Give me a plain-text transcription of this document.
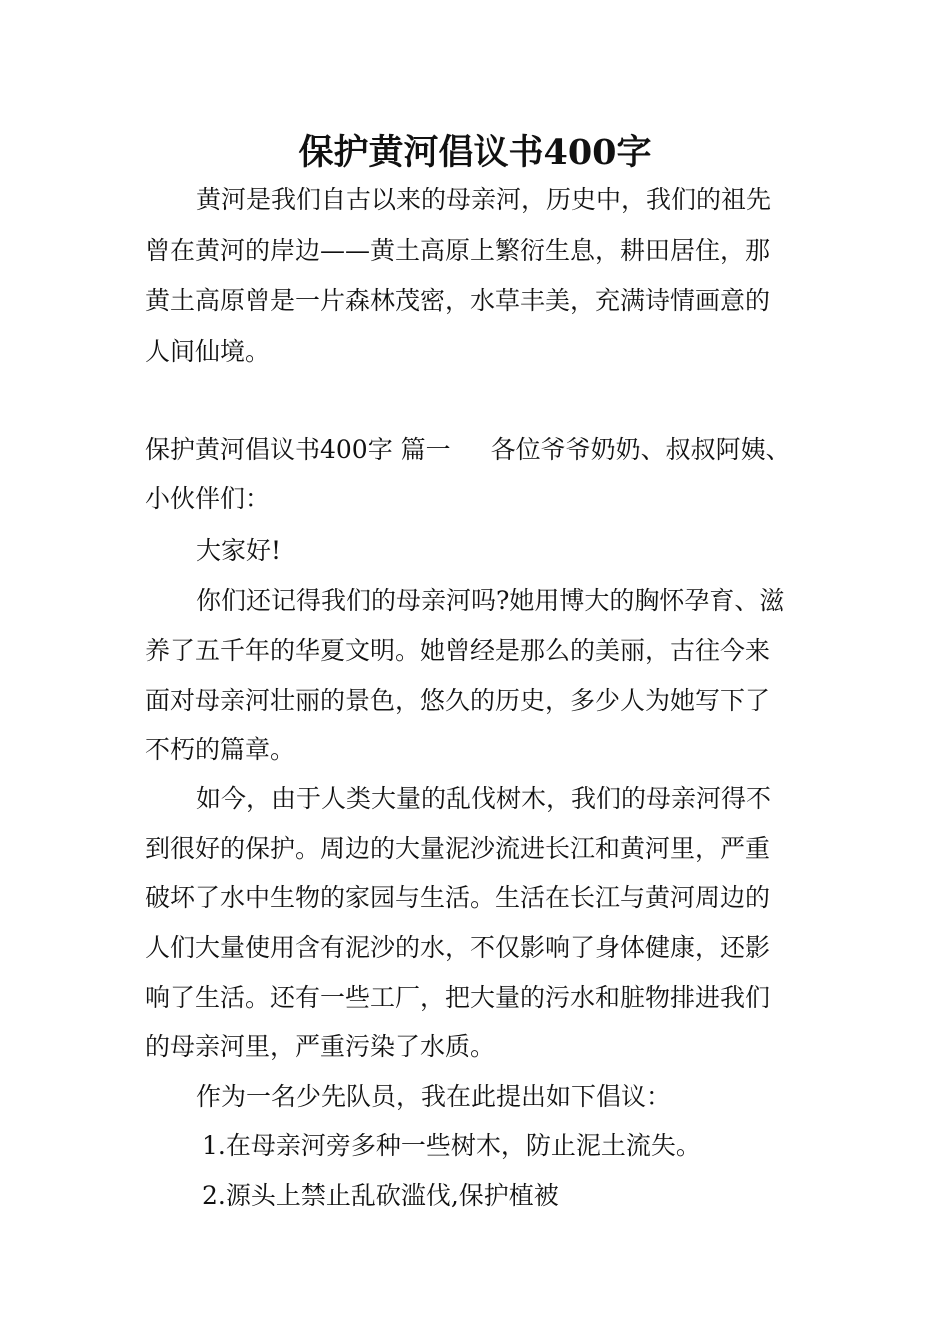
保护黄河倡议书400字
黄河是我们自古以来的母亲河，历史中，我们的祖先
曾在黄河的岸边——黄土高原上繁衍生息，耕田居住，那
黄土高原曾是一片森林茂密，水草丰美，充满诗情画意的
人间仙境。
保护黄河倡议书400字 篇一 各位爷爷奶奶、叔叔阿姨、
小伙伴们：
大家好!
你们还记得我们的母亲河吗?她用博大的胸怀孕育、滋
养了五千年的华夏文明。她曾经是那么的美丽，古往今来
面对母亲河壮丽的景色，悠久的历史，多少人为她写下了
不朽的篇章。
如今，由于人类大量的乱伐树木，我们的母亲河得不
到很好的保护。周边的大量泥沙流进长江和黄河里，严重
破坏了水中生物的家园与生活。生活在长江与黄河周边的
人们大量使用含有泥沙的水，不仅影响了身体健康，还影
响了生活。还有一些工厂，把大量的污水和脏物排进我们
的母亲河里，严重污染了水质。
作为一名少先队员，我在此提出如下倡议：
1.在母亲河旁多种一些树木，防止泥土流失。
2.源头上禁止乱砍滥伐,保护植被
